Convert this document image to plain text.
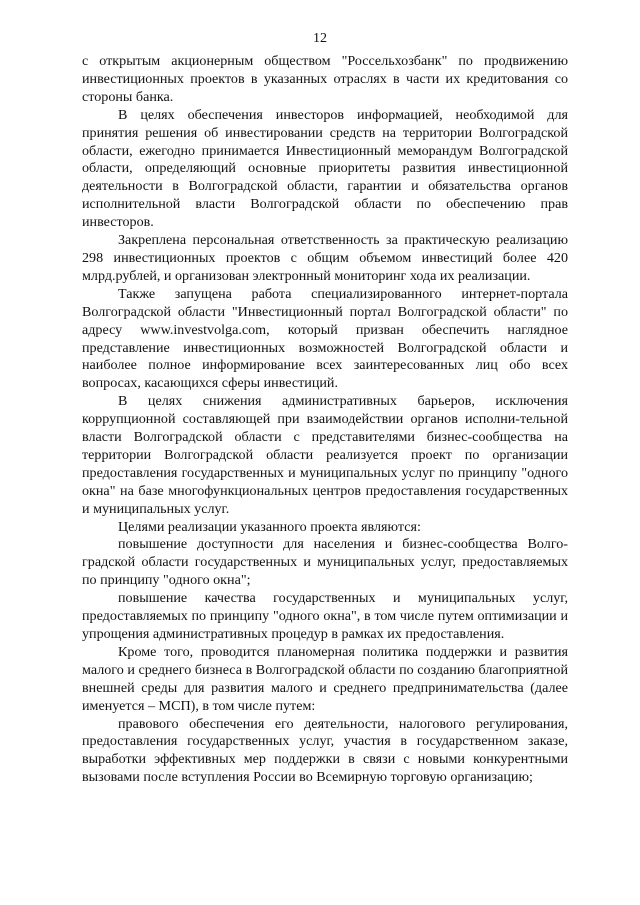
12

с открытым акционерным обществом "Россельхозбанк" по продвижению инвестиционных проектов в указанных отраслях в части их кредитования со стороны банка.

В целях обеспечения инвесторов информацией, необходимой для принятия решения об инвестировании средств на территории Волгоградской области, ежегодно принимается Инвестиционный меморандум Волгоградской области, определяющий основные приоритеты развития инвестиционной деятельности в Волгоградской области, гарантии и обязательства органов исполнительной власти Волгоградской области по обеспечению прав инвесторов.

Закреплена персональная ответственность за практическую реализацию 298 инвестиционных проектов с общим объемом инвестиций более 420 млрд.рублей, и организован электронный мониторинг хода их реализации.

Также запущена работа специализированного интернет-портала Волгоградской области "Инвестиционный портал Волгоградской области" по адресу www.investvolga.com, который призван обеспечить наглядное представление инвестиционных возможностей Волгоградской области и наиболее полное информирование всех заинтересованных лиц обо всех вопросах, касающихся сферы инвестиций.

В целях снижения административных барьеров, исключения коррупционной составляющей при взаимодействии органов исполни-тельной власти Волгоградской области с представителями бизнес-сообщества на территории Волгоградской области реализуется проект по организации предоставления государственных и муниципальных услуг по принципу "одного окна" на базе многофункциональных центров предоставления государственных и муниципальных услуг.

Целями реализации указанного проекта являются:

повышение доступности для населения и бизнес-сообщества Волго-градской области государственных и муниципальных услуг, предоставляемых по принципу "одного окна";

повышение качества государственных и муниципальных услуг, предоставляемых по принципу "одного окна", в том числе путем оптимизации и упрощения административных процедур в рамках их предоставления.

Кроме того, проводится планомерная политика поддержки и развития малого и среднего бизнеса в Волгоградской области по созданию благоприятной внешней среды для развития малого и среднего предпринимательства (далее именуется – МСП), в том числе путем:

правового обеспечения его деятельности, налогового регулирования, предоставления государственных услуг, участия в государственном заказе, выработки эффективных мер поддержки в связи с новыми конкурентными вызовами после вступления России во Всемирную торговую организацию;
